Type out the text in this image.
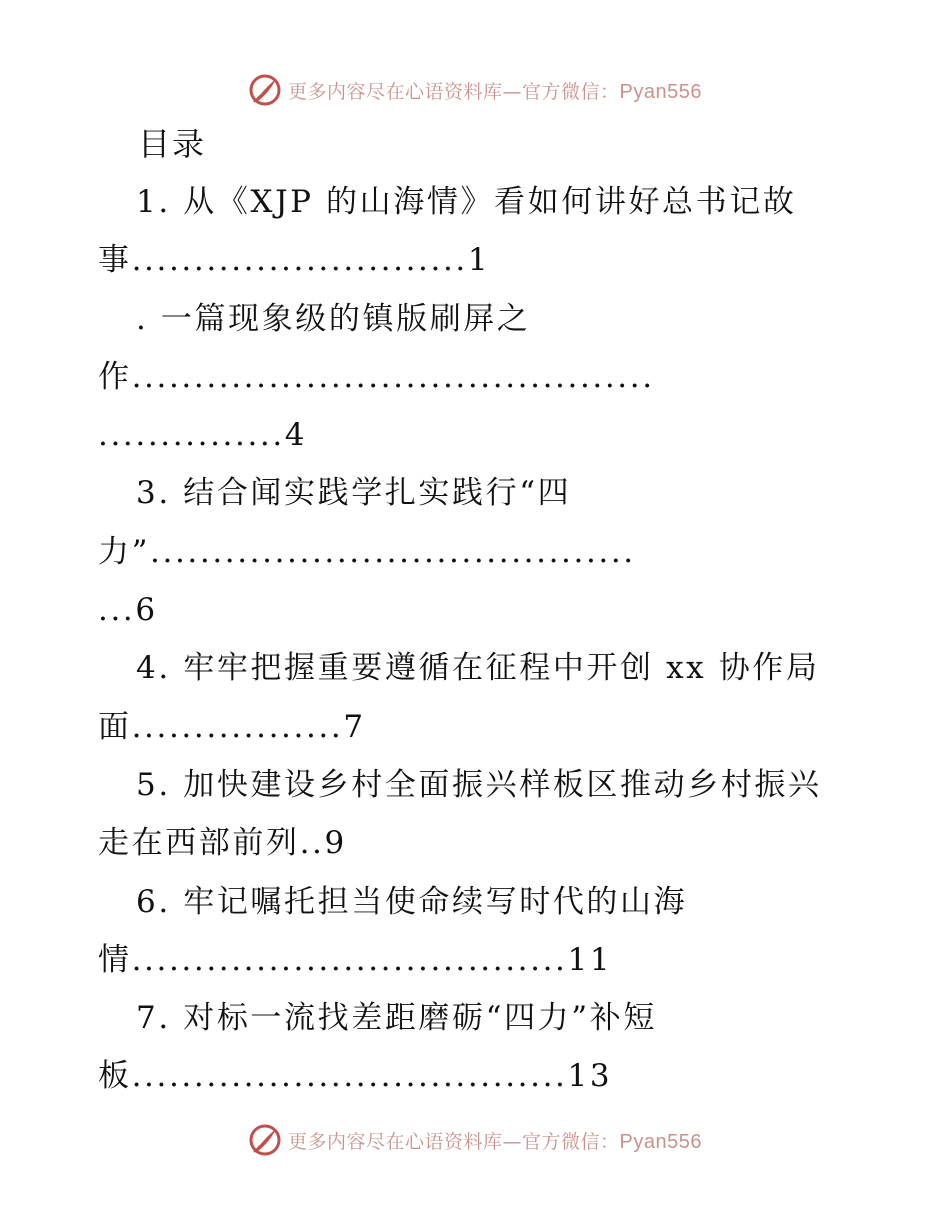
更多内容尽在心语资料库—官方微信：Pyan556
目录
1. 从《XJP 的山海情》看如何讲好总书记故
事...........................1
. 一篇现象级的镇版刷屏之
作..........................................
...............4
3. 结合闻实践学扎实践行“四
力”.......................................
...6
4. 牢牢把握重要遵循在征程中开创 xx 协作局
面.................7
5. 加快建设乡村全面振兴样板区推动乡村振兴
走在西部前列..9
6. 牢记嘱托担当使命续写时代的山海
情...................................11
7. 对标一流找差距磨砺“四力”补短
板...................................13
更多内容尽在心语资料库—官方微信：Pyan556
